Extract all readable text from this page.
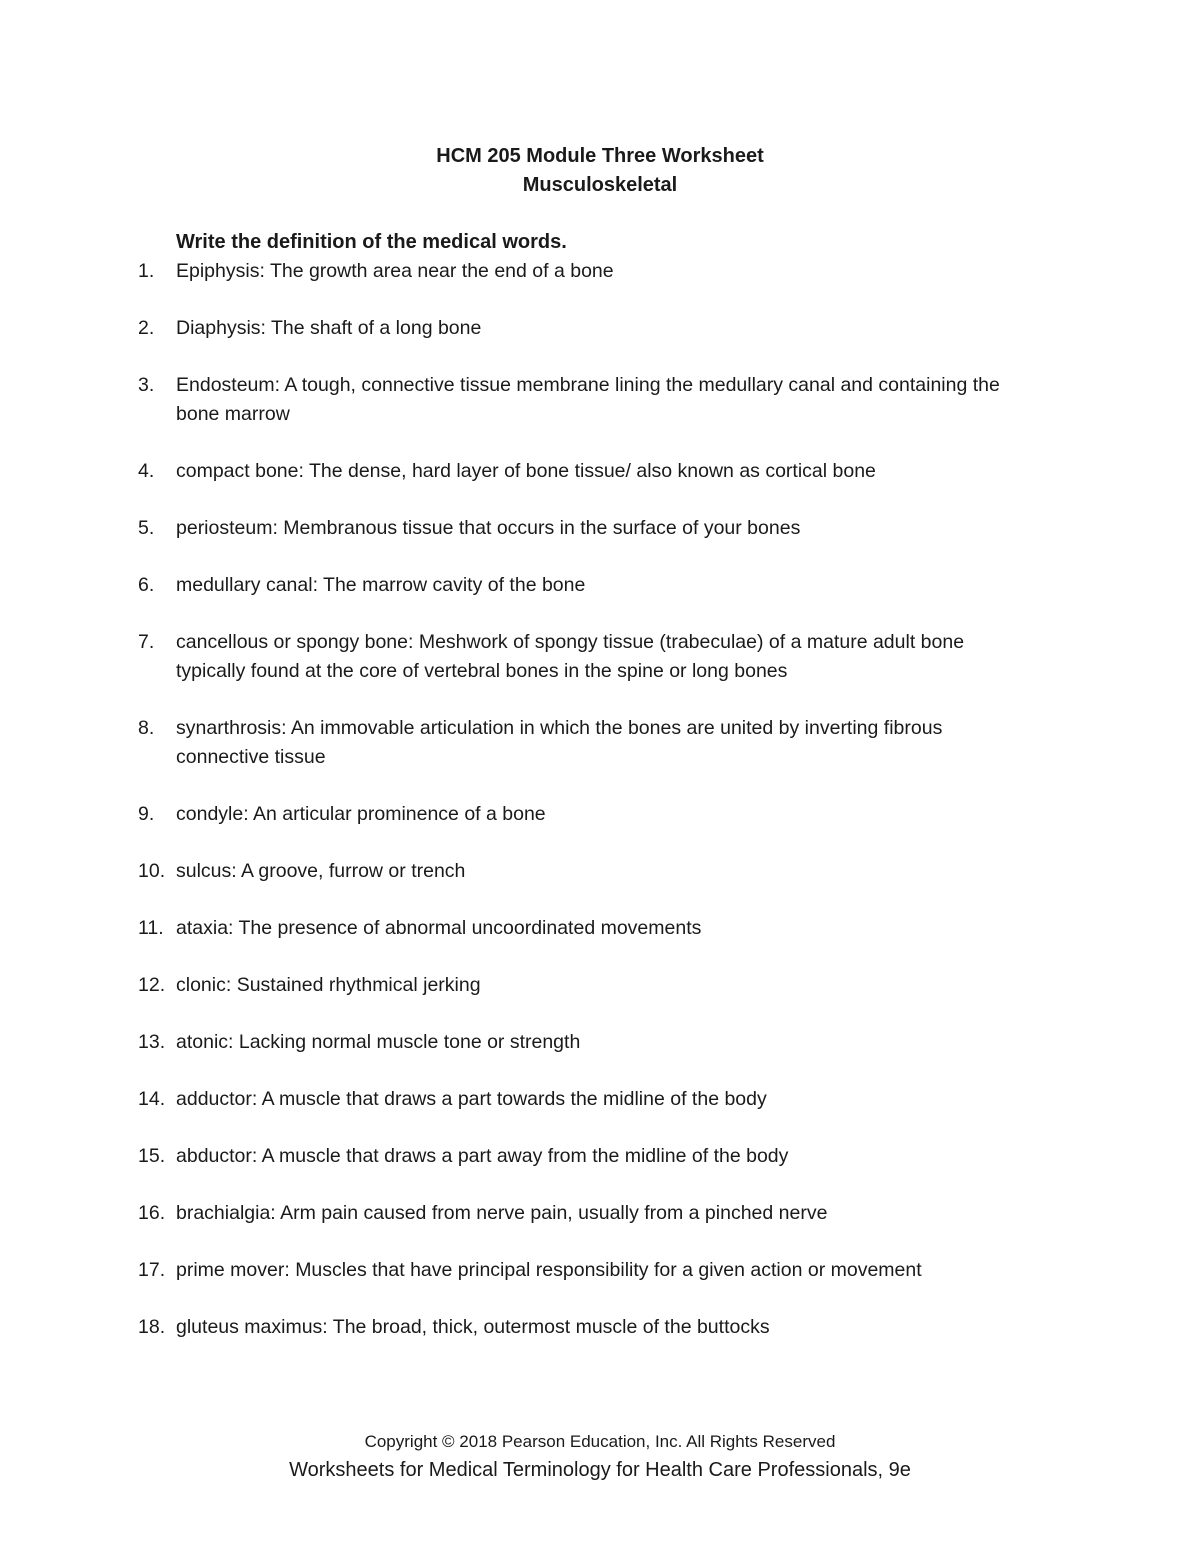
HCM 205 Module Three Worksheet
Musculoskeletal
Write the definition of the medical words.
1.	Epiphysis: The growth area near the end of a bone
2.	Diaphysis: The shaft of a long bone
3.	Endosteum: A tough, connective tissue membrane lining the medullary canal and containing the bone marrow
4.	compact bone: The dense, hard layer of bone tissue/ also known as cortical bone
5.	periosteum: Membranous tissue that occurs in the surface of your bones
6.	medullary canal: The marrow cavity of the bone
7.	cancellous or spongy bone: Meshwork of spongy tissue (trabeculae) of a mature adult bone typically found at the core of vertebral bones in the spine or long bones
8.	synarthrosis: An immovable articulation in which the bones are united by inverting fibrous connective tissue
9.	condyle: An articular prominence of a bone
10. sulcus: A groove, furrow or trench
11. ataxia: The presence of abnormal uncoordinated movements
12. clonic: Sustained rhythmical jerking
13. atonic: Lacking normal muscle tone or strength
14. adductor: A muscle that draws a part towards the midline of the body
15. abductor: A muscle that draws a part away from the midline of the body
16. brachialgia: Arm pain caused from nerve pain, usually from a pinched nerve
17. prime mover: Muscles that have principal responsibility for a given action or movement
18. gluteus maximus: The broad, thick, outermost muscle of the buttocks
Copyright © 2018 Pearson Education, Inc. All Rights Reserved
Worksheets for Medical Terminology for Health Care Professionals, 9e
